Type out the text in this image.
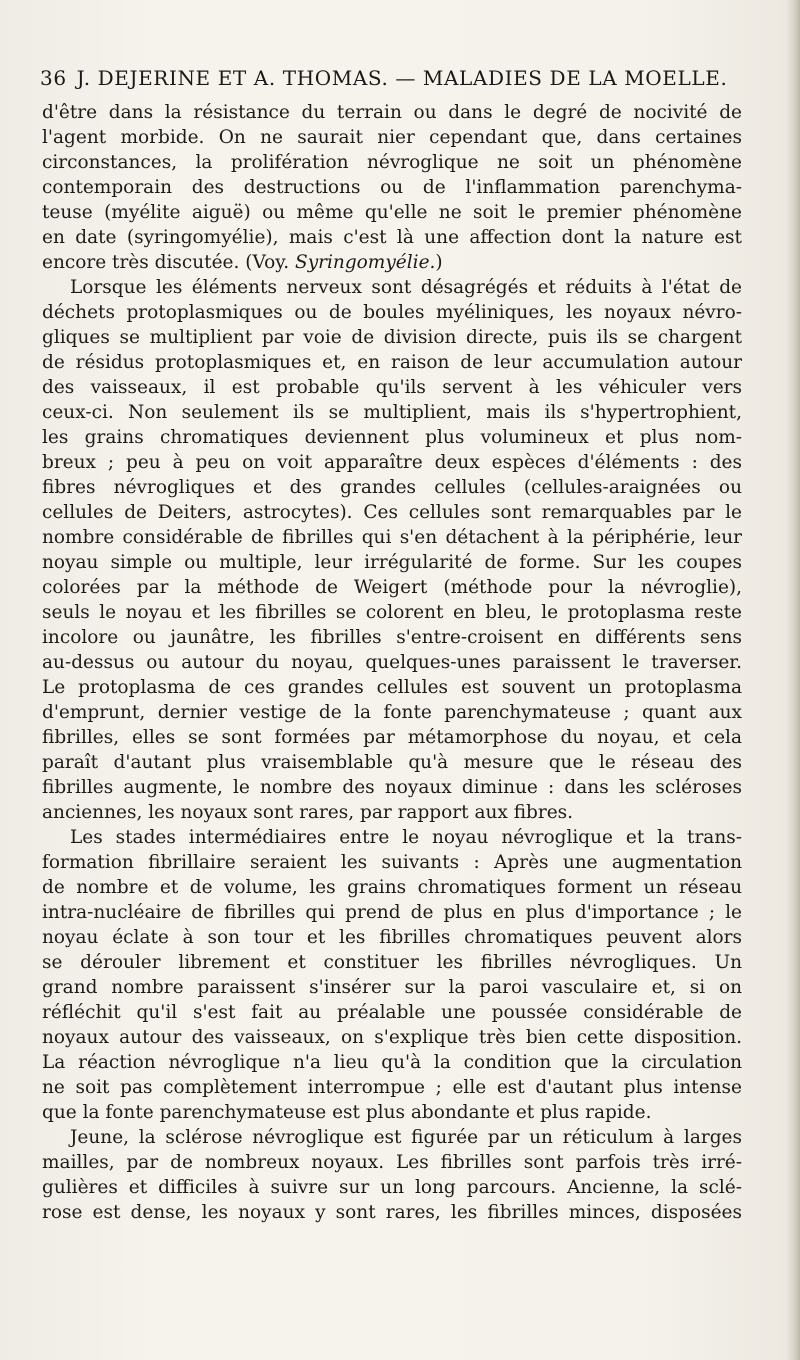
36 J. DEJERINE ET A. THOMAS. — MALADIES DE LA MOELLE.
d'être dans la résistance du terrain ou dans le degré de nocivité de
l'agent morbide. On ne saurait nier cependant que, dans certaines
circonstances, la prolifération névroglique ne soit un phénomène
contemporain des destructions ou de l'inflammation parenchyma-
teuse (myélite aiguë) ou même qu'elle ne soit le premier phénomène
en date (syringomyélie), mais c'est là une affection dont la nature est
encore très discutée. (Voy. Syringomyélie.)
Lorsque les éléments nerveux sont désagrégés et réduits à l'état de
déchets protoplasmiques ou de boules myéliniques, les noyaux névro-
gliques se multiplient par voie de division directe, puis ils se chargent
de résidus protoplasmiques et, en raison de leur accumulation autour
des vaisseaux, il est probable qu'ils servent à les véhiculer vers
ceux-ci. Non seulement ils se multiplient, mais ils s'hypertrophient,
les grains chromatiques deviennent plus volumineux et plus nom-
breux ; peu à peu on voit apparaître deux espèces d'éléments : des
fibres névrogliques et des grandes cellules (cellules-araignées ou
cellules de Deiters, astrocytes). Ces cellules sont remarquables par le
nombre considérable de fibrilles qui s'en détachent à la périphérie, leur
noyau simple ou multiple, leur irrégularité de forme. Sur les coupes
colorées par la méthode de Weigert (méthode pour la névroglie),
seuls le noyau et les fibrilles se colorent en bleu, le protoplasma reste
incolore ou jaunâtre, les fibrilles s'entre-croisent en différents sens
au-dessus ou autour du noyau, quelques-unes paraissent le traverser.
Le protoplasma de ces grandes cellules est souvent un protoplasma
d'emprunt, dernier vestige de la fonte parenchymateuse ; quant aux
fibrilles, elles se sont formées par métamorphose du noyau, et cela
paraît d'autant plus vraisemblable qu'à mesure que le réseau des
fibrilles augmente, le nombre des noyaux diminue : dans les scléroses
anciennes, les noyaux sont rares, par rapport aux fibres.
Les stades intermédiaires entre le noyau névroglique et la trans-
formation fibrillaire seraient les suivants : Après une augmentation
de nombre et de volume, les grains chromatiques forment un réseau
intra-nucléaire de fibrilles qui prend de plus en plus d'importance ; le
noyau éclate à son tour et les fibrilles chromatiques peuvent alors
se dérouler librement et constituer les fibrilles névrogliques. Un
grand nombre paraissent s'insérer sur la paroi vasculaire et, si on
réfléchit qu'il s'est fait au préalable une poussée considérable de
noyaux autour des vaisseaux, on s'explique très bien cette disposition.
La réaction névroglique n'a lieu qu'à la condition que la circulation
ne soit pas complètement interrompue ; elle est d'autant plus intense
que la fonte parenchymateuse est plus abondante et plus rapide.
Jeune, la sclérose névroglique est figurée par un réticulum à larges
mailles, par de nombreux noyaux. Les fibrilles sont parfois très irré-
gulières et difficiles à suivre sur un long parcours. Ancienne, la sclé-
rose est dense, les noyaux y sont rares, les fibrilles minces, disposées
